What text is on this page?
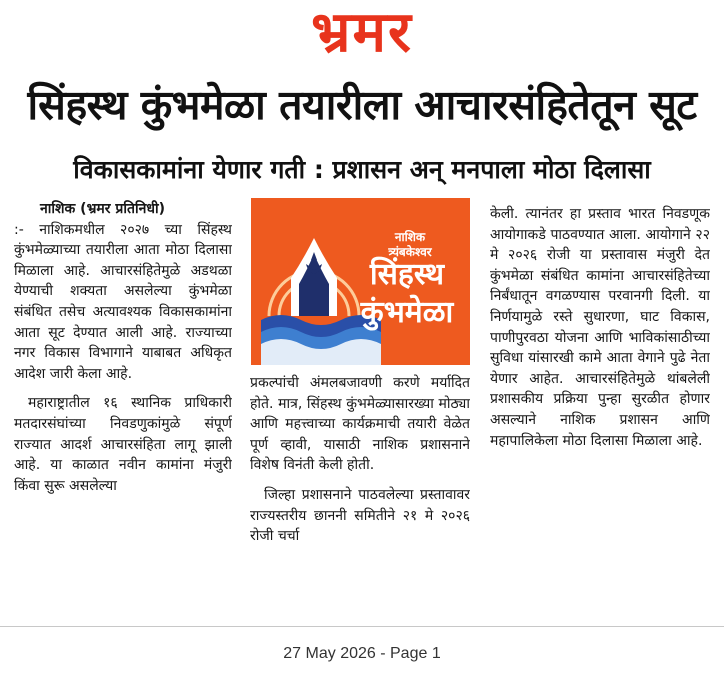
भ्रमर
सिंहस्थ कुंभमेळा तयारीला आचारसंहितेतून सूट
विकासकामांना येणार गती : प्रशासन अन् मनपाला मोठा दिलासा

नाशिक (भ्रमर प्रतिनिधी)

:- नाशिकमधील २०२७ च्या सिंहस्थ कुंभमेळ्याच्या तयारीला आता मोठा दिलासा मिळाला आहे. आचारसंहितेमुळे अडथळा येण्याची शक्यता असलेल्या कुंभमेळा संबंधित तसेच अत्यावश्यक विकासकामांना आता सूट देण्यात आली आहे. राज्याच्या नगर विकास विभागाने याबाबत अधिकृत आदेश जारी केला आहे.

महाराष्ट्रातील १६ स्थानिक प्राधिकारी मतदारसंघांच्या निवडणुकांमुळे संपूर्ण राज्यात आदर्श आचारसंहिता लागू झाली आहे. या काळात नवीन कामांना मंजुरी किंवा सुरू असलेल्या

नाशिक
त्र्यंबकेश्वर
सिंहस्थ
कुंभमेळा

प्रकल्पांची अंमलबजावणी करणे मर्यादित होते. मात्र, सिंहस्थ कुंभमेळ्यासारख्या मोठ्या आणि महत्त्वाच्या कार्यक्रमाची तयारी वेळेत पूर्ण व्हावी, यासाठी नाशिक प्रशासनाने विशेष विनंती केली होती.

जिल्हा प्रशासनाने पाठवलेल्या प्रस्तावावर राज्यस्तरीय छाननी समितीने २१ मे २०२६ रोजी चर्चा

केली. त्यानंतर हा प्रस्ताव भारत निवडणूक आयोगाकडे पाठवण्यात आला. आयोगाने २२ मे २०२६ रोजी या प्रस्तावास मंजुरी देत कुंभमेळा संबंधित कामांना आचारसंहितेच्या निर्बंधातून वगळण्यास परवानगी दिली. या निर्णयामुळे रस्ते सुधारणा, घाट विकास, पाणीपुरवठा योजना आणि भाविकांसाठीच्या सुविधा यांसारखी कामे आता वेगाने पुढे नेता येणार आहेत. आचारसंहितेमुळे थांबलेली प्रशासकीय प्रक्रिया पुन्हा सुरळीत होणार असल्याने नाशिक प्रशासन आणि महापालिकेला मोठा दिलासा मिळाला आहे.

27 May 2026 - Page 1
